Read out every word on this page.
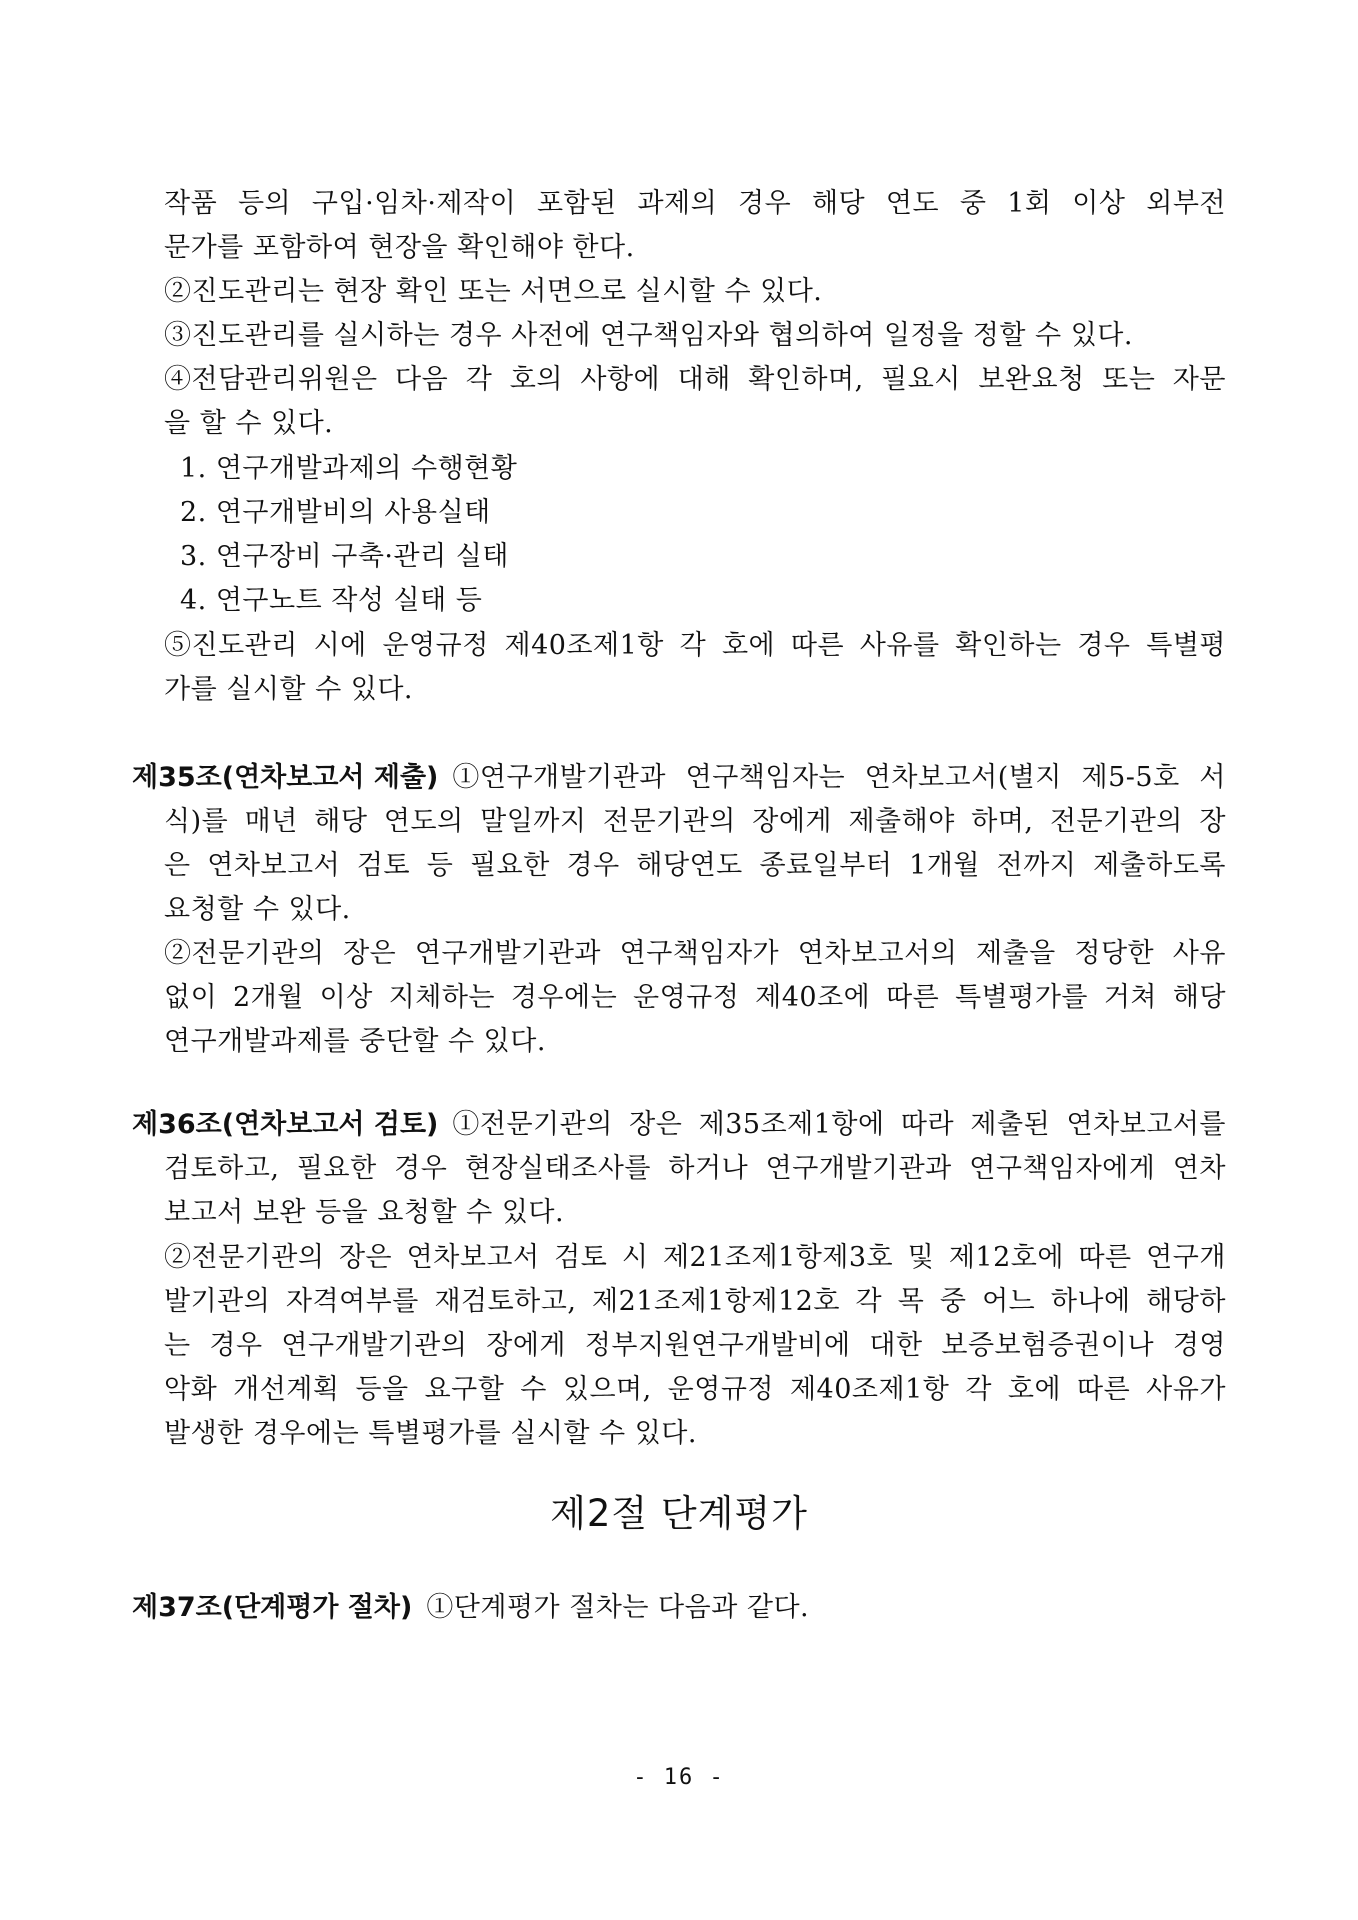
작품 등의 구입·임차·제작이 포함된 과제의 경우 해당 연도 중 1회 이상 외부전
문가를 포함하여 현장을 확인해야 한다.
②진도관리는 현장 확인 또는 서면으로 실시할 수 있다.
③진도관리를 실시하는 경우 사전에 연구책임자와 협의하여 일정을 정할 수 있다.
④전담관리위원은 다음 각 호의 사항에 대해 확인하며, 필요시 보완요청 또는 자문
을 할 수 있다.
1. 연구개발과제의 수행현황
2. 연구개발비의 사용실태
3. 연구장비 구축·관리 실태
4. 연구노트 작성 실태 등
⑤진도관리 시에 운영규정 제40조제1항 각 호에 따른 사유를 확인하는 경우 특별평
가를 실시할 수 있다.
제35조(연차보고서 제출) ①연구개발기관과 연구책임자는 연차보고서(별지 제5-5호 서
식)를 매년 해당 연도의 말일까지 전문기관의 장에게 제출해야 하며, 전문기관의 장
은 연차보고서 검토 등 필요한 경우 해당연도 종료일부터 1개월 전까지 제출하도록
요청할 수 있다.
②전문기관의 장은 연구개발기관과 연구책임자가 연차보고서의 제출을 정당한 사유
없이 2개월 이상 지체하는 경우에는 운영규정 제40조에 따른 특별평가를 거쳐 해당
연구개발과제를 중단할 수 있다.
제36조(연차보고서 검토) ①전문기관의 장은 제35조제1항에 따라 제출된 연차보고서를
검토하고, 필요한 경우 현장실태조사를 하거나 연구개발기관과 연구책임자에게 연차
보고서 보완 등을 요청할 수 있다.
②전문기관의 장은 연차보고서 검토 시 제21조제1항제3호 및 제12호에 따른 연구개
발기관의 자격여부를 재검토하고, 제21조제1항제12호 각 목 중 어느 하나에 해당하
는 경우 연구개발기관의 장에게 정부지원연구개발비에 대한 보증보험증권이나 경영
악화 개선계획 등을 요구할 수 있으며, 운영규정 제40조제1항 각 호에 따른 사유가
발생한 경우에는 특별평가를 실시할 수 있다.
제2절 단계평가
제37조(단계평가 절차) ①단계평가 절차는 다음과 같다.
- 16 -
